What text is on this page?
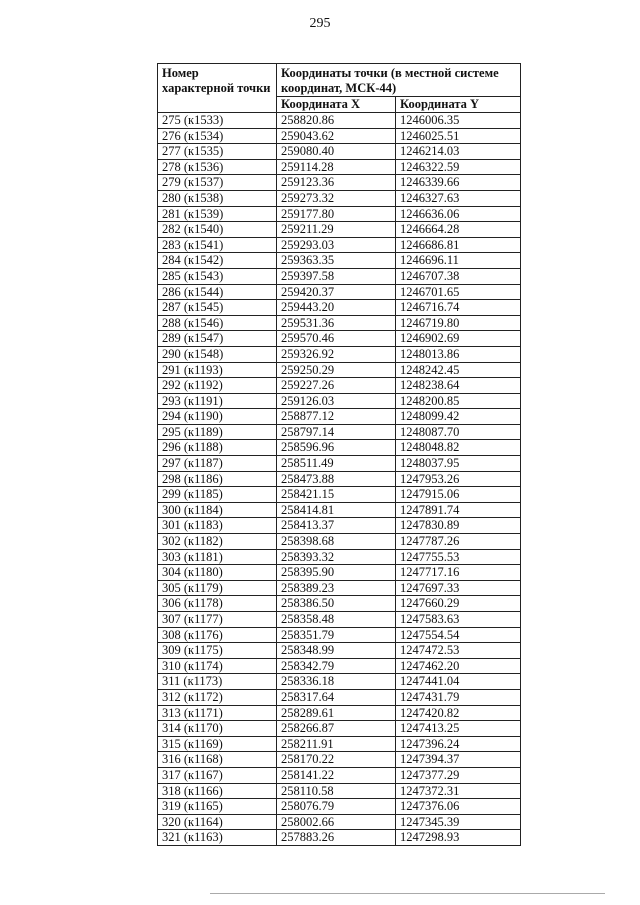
295
Номер характерной точки	Координаты точки (в местной системе координат, МСК-44)	
	Координата X	Координата Y
275 (к1533)	258820.86	1246006.35
276 (к1534)	259043.62	1246025.51
277 (к1535)	259080.40	1246214.03
278 (к1536)	259114.28	1246322.59
279 (к1537)	259123.36	1246339.66
280 (к1538)	259273.32	1246327.63
281 (к1539)	259177.80	1246636.06
282 (к1540)	259211.29	1246664.28
283 (к1541)	259293.03	1246686.81
284 (к1542)	259363.35	1246696.11
285 (к1543)	259397.58	1246707.38
286 (к1544)	259420.37	1246701.65
287 (к1545)	259443.20	1246716.74
288 (к1546)	259531.36	1246719.80
289 (к1547)	259570.46	1246902.69
290 (к1548)	259326.92	1248013.86
291 (к1193)	259250.29	1248242.45
292 (к1192)	259227.26	1248238.64
293 (к1191)	259126.03	1248200.85
294 (к1190)	258877.12	1248099.42
295 (к1189)	258797.14	1248087.70
296 (к1188)	258596.96	1248048.82
297 (к1187)	258511.49	1248037.95
298 (к1186)	258473.88	1247953.26
299 (к1185)	258421.15	1247915.06
300 (к1184)	258414.81	1247891.74
301 (к1183)	258413.37	1247830.89
302 (к1182)	258398.68	1247787.26
303 (к1181)	258393.32	1247755.53
304 (к1180)	258395.90	1247717.16
305 (к1179)	258389.23	1247697.33
306 (к1178)	258386.50	1247660.29
307 (к1177)	258358.48	1247583.63
308 (к1176)	258351.79	1247554.54
309 (к1175)	258348.99	1247472.53
310 (к1174)	258342.79	1247462.20
311 (к1173)	258336.18	1247441.04
312 (к1172)	258317.64	1247431.79
313 (к1171)	258289.61	1247420.82
314 (к1170)	258266.87	1247413.25
315 (к1169)	258211.91	1247396.24
316 (к1168)	258170.22	1247394.37
317 (к1167)	258141.22	1247377.29
318 (к1166)	258110.58	1247372.31
319 (к1165)	258076.79	1247376.06
320 (к1164)	258002.66	1247345.39
321 (к1163)	257883.26	1247298.93
